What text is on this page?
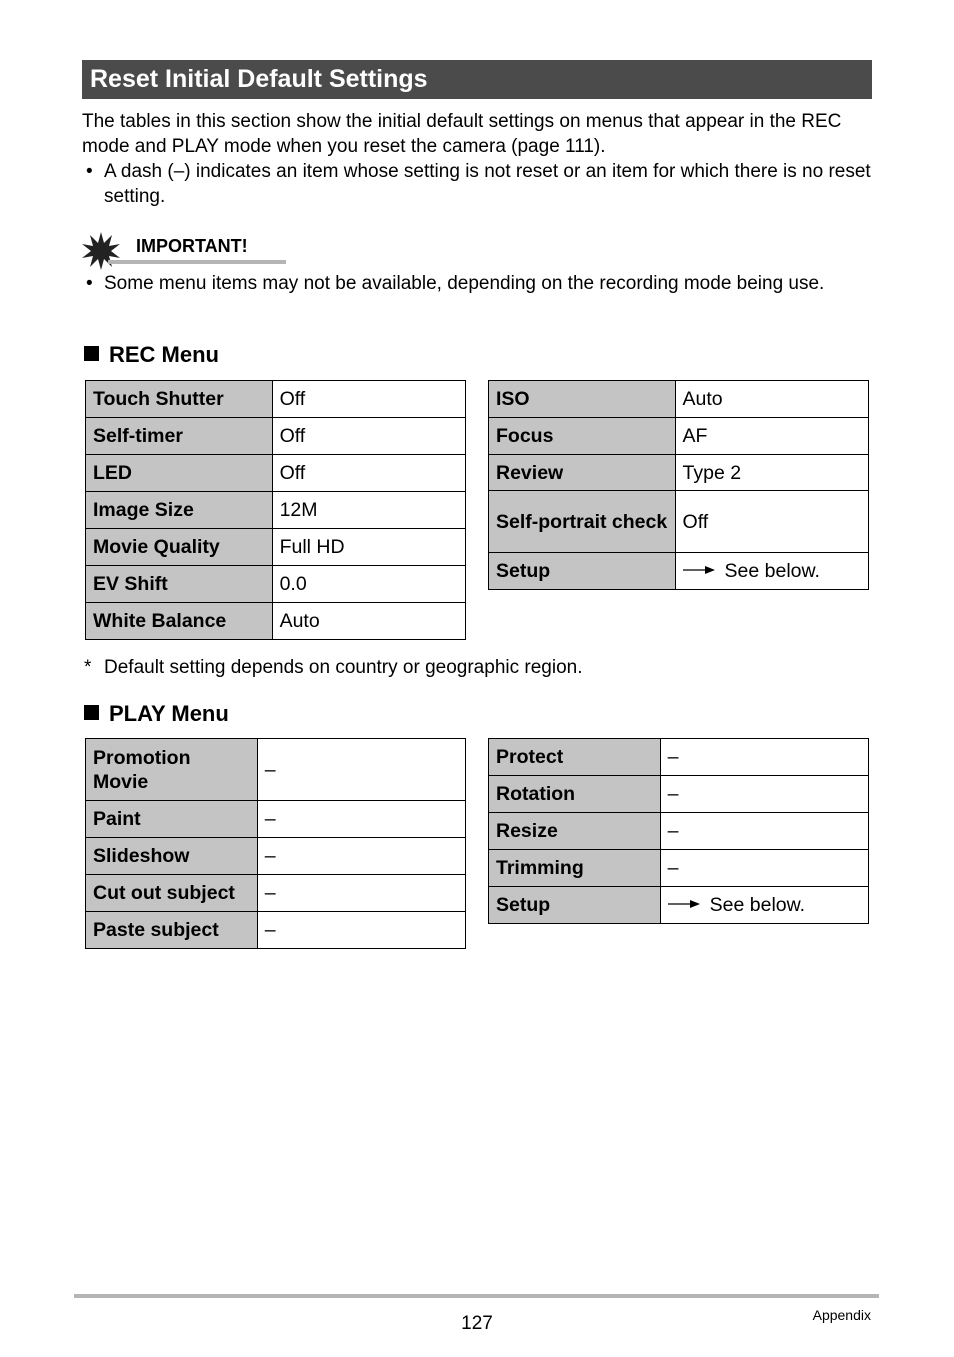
Reset Initial Default Settings
The tables in this section show the initial default settings on menus that appear in the REC mode and PLAY mode when you reset the camera (page 111).
• A dash (–) indicates an item whose setting is not reset or an item for which there is no reset setting.
IMPORTANT!
• Some menu items may not be available, depending on the recording mode being use.
REC Menu
Touch Shutter	Off
Self-timer	Off
LED	Off
Image Size	12M
Movie Quality	Full HD
EV Shift	0.0
White Balance	Auto
ISO	Auto
Focus	AF
Review	Type 2
Self-portrait check	Off
Setup	See below.
* Default setting depends on country or geographic region.
PLAY Menu
Promotion Movie	–
Paint	–
Slideshow	–
Cut out subject	–
Paste subject	–
Protect	–
Rotation	–
Resize	–
Trimming	–
Setup	See below.
127	Appendix
